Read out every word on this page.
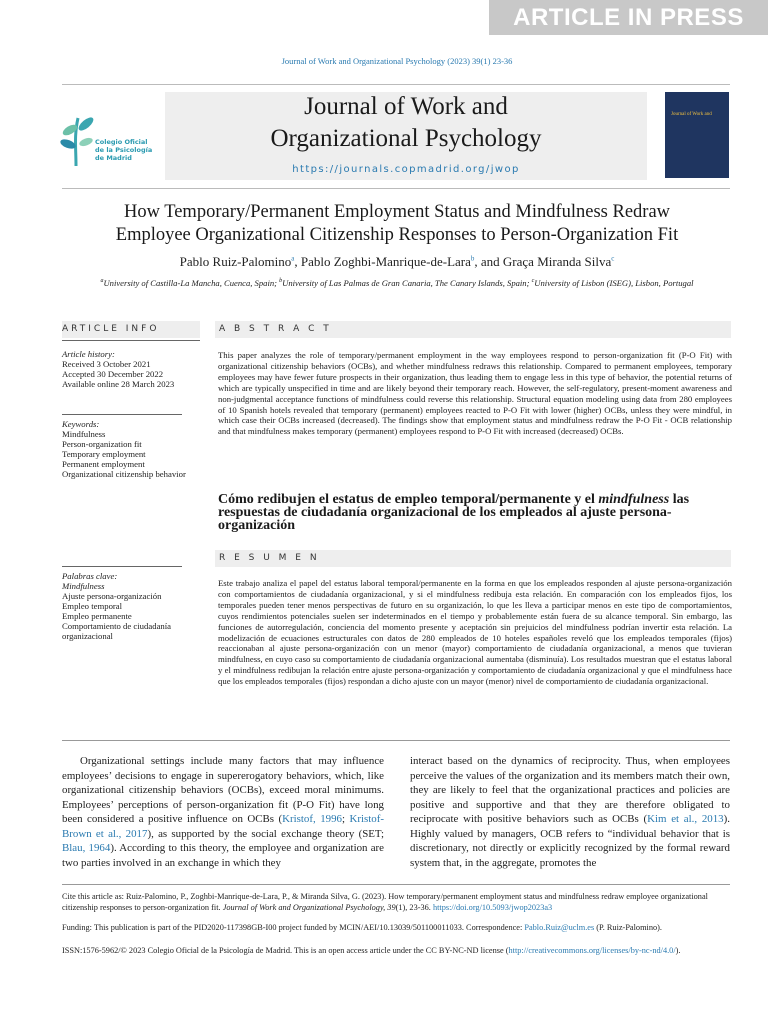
ARTICLE IN PRESS
Journal of Work and Organizational Psychology (2023) 39(1) 23-36
Colegio Oficial
de la Psicología
de Madrid
Journal of Work and
Organizational Psychology
https://journals.copmadrid.org/jwop
Journal of Work and
How Temporary/Permanent Employment Status and Mindfulness Redraw
Employee Organizational Citizenship Responses to Person-Organization Fit
Pablo Ruiz-Palomino$^a$, Pablo Zoghbi-Manrique-de-Lara$^b$, and Graça Miranda Silva$^c$
$^a$University of Castilla-La Mancha, Cuenca, Spain; $^b$University of Las Palmas de Gran Canaria, The Canary Islands, Spain; $^c$University of Lisbon (ISEG), Lisbon, Portugal
ARTICLE INFO
Article history:
Received 3 October 2021
Accepted 30 December 2022
Available online 28 March 2023
Keywords:
Mindfulness
Person-organization fit
Temporary employment
Permanent employment
Organizational citizenship behavior
Palabras clave:
Mindfulness
Ajuste persona-organización
Empleo temporal
Empleo permanente
Comportamiento de ciudadanía organizacional
A B S T R A C T
This paper analyzes the role of temporary/permanent employment in the way employees respond to person-organization fit (P-O Fit) with organizational citizenship behaviors (OCBs), and whether mindfulness redraws this relationship. Compared to permanent employees, temporary employees may have fewer future prospects in their organization, thus leading them to engage less in this type of behavior, the potential returns of which are typically unspecified in time and are likely beyond their temporary reach. However, the self-regulatory, present-moment awareness and non-judgmental acceptance functions of mindfulness could reverse this relationship. Structural equation modeling using data from 280 employees of 10 Spanish hotels revealed that temporary (permanent) employees reacted to P-O Fit with lower (higher) OCBs, unless they were mindful, in which case their OCBs increased (decreased). The findings show that employment status and mindfulness redraw the P-O Fit - OCB relationship and that mindfulness makes temporary (permanent) employees respond to P-O Fit with increased (decreased) OCBs.
Cómo redibujen el estatus de empleo temporal/permanente y el mindfulness las respuestas de ciudadanía organizacional de los empleados al ajuste persona-organización
R E S U M E N
Este trabajo analiza el papel del estatus laboral temporal/permanente en la forma en que los empleados responden al ajuste persona-organización con comportamientos de ciudadanía organizacional, y si el mindfulness redibuja esta relación. En comparación con los empleados fijos, los temporales pueden tener menos perspectivas de futuro en su organización, lo que les lleva a participar menos en este tipo de comportamientos, cuyos rendimientos potenciales suelen ser indeterminados en el tiempo y probablemente están fuera de su alcance temporal. Sin embargo, las funciones de autorregulación, conciencia del momento presente y aceptación sin prejuicios del mindfulness podrían invertir esta relación. La modelización de ecuaciones estructurales con datos de 280 empleados de 10 hoteles españoles reveló que los empleados temporales (fijos) reaccionaban al ajuste persona-organización con un menor (mayor) comportamiento de ciudadanía organizacional, a menos que tuvieran mindfulness, en cuyo caso su comportamiento de ciudadanía organizacional aumentaba (disminuía). Los resultados muestran que el estatus laboral y el mindfulness redibujan la relación entre ajuste persona-organización y comportamiento de ciudadanía organizacional y que el mindfulness hace que los empleados temporales (fijos) respondan a dicho ajuste con un mayor (menor) nivel de comportamiento de ciudadanía organizacional.
Organizational settings include many factors that may influence employees’ decisions to engage in supererogatory behaviors, which, like organizational citizenship behaviors (OCBs), exceed moral minimums. Employees’ perceptions of person-organization fit (P-O Fit) have long been considered a positive influence on OCBs (Kristof, 1996; Kristof-Brown et al., 2017), as supported by the social exchange theory (SET; Blau, 1964). According to this theory, the employee and organization are two parties involved in an exchange in which they
interact based on the dynamics of reciprocity. Thus, when employees perceive the values of the organization and its members match their own, they are likely to feel that the organizational practices and policies are positive and supportive and that they are therefore obligated to reciprocate with positive behaviors such as OCBs (Kim et al., 2013). Highly valued by managers, OCB refers to “individual behavior that is discretionary, not directly or explicitly recognized by the formal reward system that, in the aggregate, promotes the
Cite this article as: Ruiz-Palomino, P., Zoghbi-Manrique-de-Lara, P., & Miranda Silva, G. (2023). How temporary/permanent employment status and mindfulness redraw employee organizational citizenship responses to person-organization fit. Journal of Work and Organizational Psychology, 39(1), 23-36. https://doi.org/10.5093/jwop2023a3
Funding: This publication is part of the PID2020-117398GB-I00 project funded by MCIN/AEI/10.13039/501100011033. Correspondence: Pablo.Ruiz@uclm.es (P. Ruiz-Palomino).
ISSN:1576-5962/© 2023 Colegio Oficial de la Psicología de Madrid. This is an open access article under the CC BY-NC-ND license (http://creativecommons.org/licenses/by-nc-nd/4.0/).
